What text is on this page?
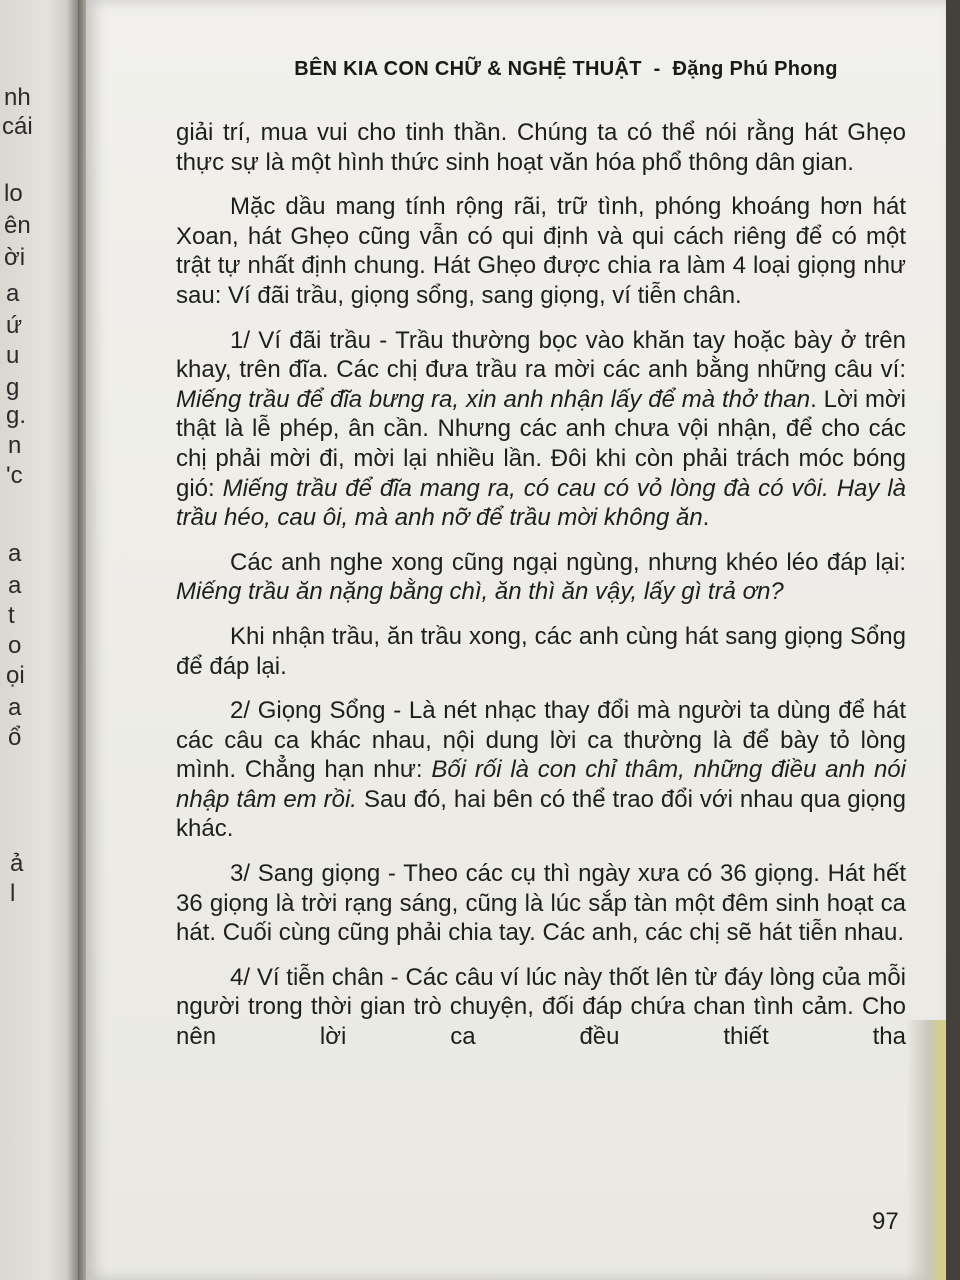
nh
cái
lo
ên
ời
a
ứ
u
g
g.
n
'c
a
a
t
o
ọi
a
ổ
ả
l
BÊN KIA CON CHỮ & NGHỆ THUẬT - Đặng Phú Phong

giải trí, mua vui cho tinh thần. Chúng ta có thể nói rằng hát Ghẹo thực sự là một hình thức sinh hoạt văn hóa phổ thông dân gian.

Mặc dầu mang tính rộng rãi, trữ tình, phóng khoáng hơn hát Xoan, hát Ghẹo cũng vẫn có qui định và qui cách riêng để có một trật tự nhất định chung. Hát Ghẹo được chia ra làm 4 loại giọng như sau: Ví đãi trầu, giọng sổng, sang giọng, ví tiễn chân.

1/ Ví đãi trầu - Trầu thường bọc vào khăn tay hoặc bày ở trên khay, trên đĩa. Các chị đưa trầu ra mời các anh bằng những câu ví: Miếng trầu để đĩa bưng ra, xin anh nhận lấy để mà thở than. Lời mời thật là lễ phép, ân cần. Nhưng các anh chưa vội nhận, để cho các chị phải mời đi, mời lại nhiều lần. Đôi khi còn phải trách móc bóng gió: Miếng trầu để đĩa mang ra, có cau có vỏ lòng đà có vôi. Hay là trầu héo, cau ôi, mà anh nỡ để trầu mời không ăn.

Các anh nghe xong cũng ngại ngùng, nhưng khéo léo đáp lại: Miếng trầu ăn nặng bằng chì, ăn thì ăn vậy, lấy gì trả ơn?

Khi nhận trầu, ăn trầu xong, các anh cùng hát sang giọng Sổng để đáp lại.

2/ Giọng Sổng - Là nét nhạc thay đổi mà người ta dùng để hát các câu ca khác nhau, nội dung lời ca thường là để bày tỏ lòng mình. Chẳng hạn như: Bối rối là con chỉ thâm, những điều anh nói nhập tâm em rồi. Sau đó, hai bên có thể trao đổi với nhau qua giọng khác.

3/ Sang giọng - Theo các cụ thì ngày xưa có 36 giọng. Hát hết 36 giọng là trời rạng sáng, cũng là lúc sắp tàn một đêm sinh hoạt ca hát. Cuối cùng cũng phải chia tay. Các anh, các chị sẽ hát tiễn nhau.

4/ Ví tiễn chân - Các câu ví lúc này thốt lên từ đáy lòng của mỗi người trong thời gian trò chuyện, đối đáp chứa chan tình cảm. Cho nên lời ca đều thiết tha

97
